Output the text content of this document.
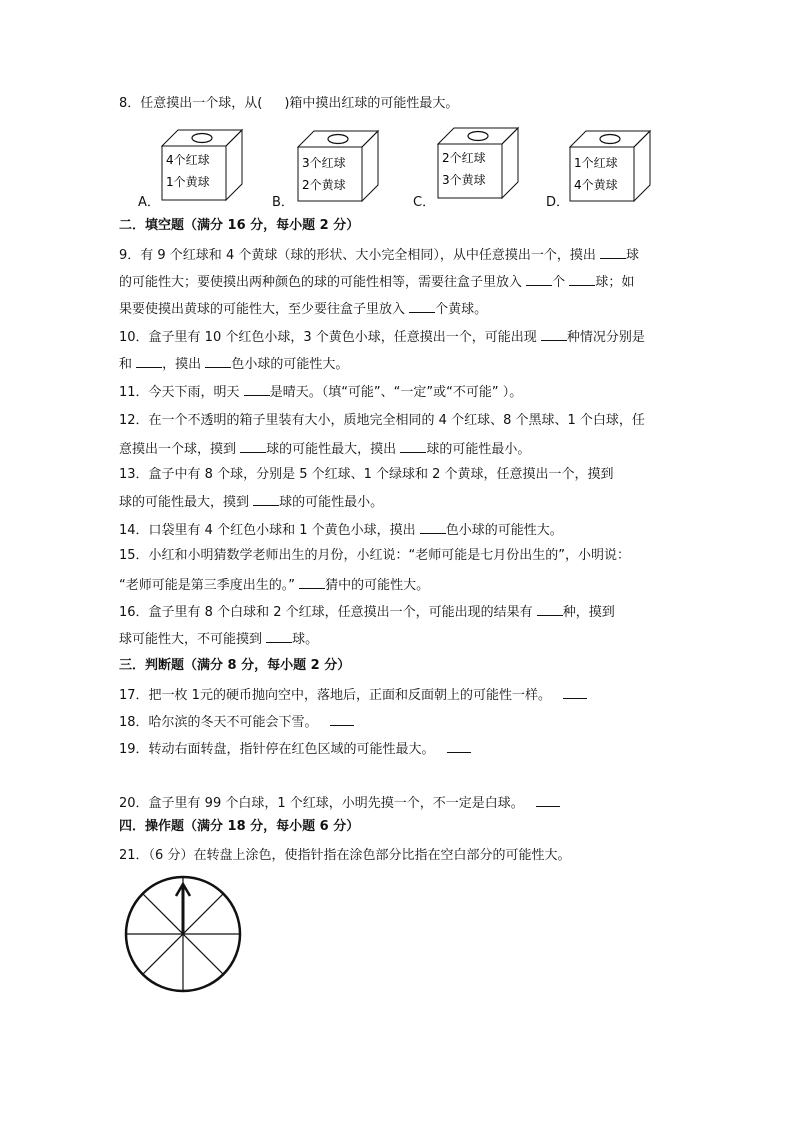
8．任意摸出一个球，从( )箱中摸出红球的可能性最大。
A．
4个红球
1个黄球
B．
3个红球
2个黄球
C．
2个红球
3个黄球
D．
1个红球
4个黄球
二．填空题（满分 16 分，每小题 2 分）
9．有 9 个红球和 4 个黄球（球的形状、大小完全相同），从中任意摸出一个，摸出 球
的可能性大；要使摸出两种颜色的球的可能性相等，需要往盒子里放入 个 球；如
果要使摸出黄球的可能性大，至少要往盒子里放入 个黄球。
10．盒子里有 10 个红色小球，3 个黄色小球，任意摸出一个，可能出现 种情况分别是
和 ，摸出 色小球的可能性大。
11．今天下雨，明天 是晴天。（填“可能”、“一定”或“不可能” ）。
12．在一个不透明的箱子里装有大小，质地完全相同的 4 个红球、8 个黑球、1 个白球，任
意摸出一个球，摸到 球的可能性最大，摸出 球的可能性最小。
13．盒子中有 8 个球，分别是 5 个红球、1 个绿球和 2 个黄球，任意摸出一个，摸到
球的可能性最大，摸到 球的可能性最小。
14．口袋里有 4 个红色小球和 1 个黄色小球，摸出 色小球的可能性大。
15．小红和小明猜数学老师出生的月份，小红说：“老师可能是七月份出生的”，小明说：
“老师可能是第三季度出生的。” 猜中的可能性大。
16．盒子里有 8 个白球和 2 个红球，任意摸出一个，可能出现的结果有 种，摸到
球可能性大，不可能摸到 球。
三．判断题（满分 8 分，每小题 2 分）
17．把一枚 1元的硬币抛向空中，落地后，正面和反面朝上的可能性一样。
18．哈尔滨的冬天不可能会下雪。
19．转动右面转盘，指针停在红色区域的可能性最大。
20．盒子里有 99 个白球，1 个红球，小明先摸一个，不一定是白球。
四．操作题（满分 18 分，每小题 6 分）
21．（6 分）在转盘上涂色，使指针指在涂色部分比指在空白部分的可能性大。
